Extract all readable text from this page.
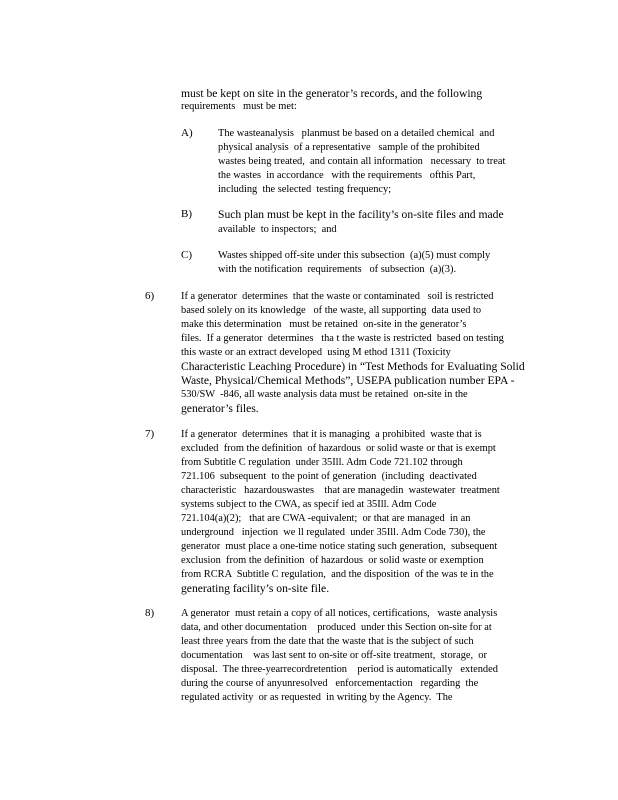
must be kept on site in the generator’s records, and the following
requirements   must be met:
A) The wasteanalysis   planmust be based on a detailed chemical  and
physical analysis  of a representative   sample of the prohibited
wastes being treated,  and contain all information   necessary  to treat
the wastes  in accordance   with the requirements   ofthis Part,
including  the selected  testing frequency;
B) Such plan must be kept in the facility’s on-site files and made
available  to inspectors;  and
C)	Wastes shipped off-site under this subsection  (a)(5) must comply
with the notification  requirements   of subsection  (a)(3).
6)	If a generator  determines  that the waste or contaminated   soil is restricted
based solely on its knowledge   of the waste, all supporting  data used to
make this determination   must be retained  on-site in the generator’s
files.  If a generator  determines   tha t the waste is restricted  based on testing
this waste or an extract developed  using M ethod 1311 (Toxicity
Characteristic Leaching Procedure) in “Test Methods for Evaluating Solid
Waste, Physical/Chemical Methods”, USEPA publication number EPA -
530/SW  -846, all waste analysis data must be retained  on-site in the
generator’s files.
7)	If a generator  determines  that it is managing  a prohibited  waste that is
excluded  from the definition  of hazardous  or solid waste or that is exempt
from Subtitle C regulation  under 35Ill. Adm Code 721.102 through
721.106  subsequent  to the point of generation  (including  deactivated
characteristic   hazardouswastes    that are managedin  wastewater  treatment
systems subject to the CWA, as specif ied at 35Ill. Adm Code
721.104(a)(2);   that are CWA -equivalent;  or that are managed  in an
underground   injection  we ll regulated  under 35Ill. Adm Code 730), the
generator  must place a one-time notice stating such generation,  subsequent
exclusion  from the definition  of hazardous  or solid waste or exemption
from RCRA  Subtitle C regulation,  and the disposition  of the was te in the
generating facility’s on-site file.
8)	A generator  must retain a copy of all notices, certifications,   waste analysis
data, and other documentation    produced  under this Section on-site for at
least three years from the date that the waste that is the subject of such
documentation    was last sent to on-site or off-site treatment,  storage,  or
disposal.  The three-yearrecordretention    period is automatically   extended
during the course of anyunresolved   enforcementaction   regarding  the
regulated activity  or as requested  in writing by the Agency.  The
